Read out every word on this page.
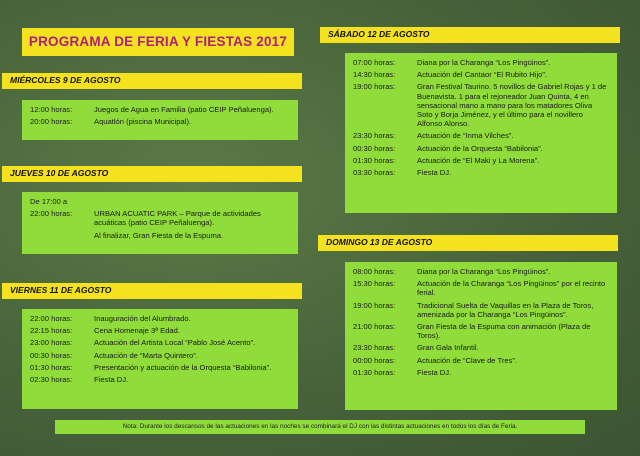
PROGRAMA DE FERIA Y FIESTAS 2017
MIÉRCOLES 9 DE AGOSTO
12:00 horas:	Juegos de Agua en Familia (patio CEIP Peñaluenga).
20:00 horas:	Aquatlón (piscina Municipal).
JUEVES 10 DE AGOSTO
De 17:00 a
22:00 horas:	URBAN ACUATIC PARK – Parque de actividades acuáticas (patio CEIP Peñaluenga).
Al finalizar, Gran Fiesta de la Espuma.
VIERNES 11 DE AGOSTO
22:00 horas:	Inauguración del Alumbrado.
22:15 horas:	Cena Homenaje 3ª Edad.
23:00 horas:	Actuación del Artista Local “Pablo José Acento”.
00:30 horas:	Actuación de “Marta Quintero”.
01:30 horas:	Presentación y actuación de la Orquesta “Babilonia”.
02:30 horas:	Fiesta DJ.
SÁBADO 12 DE AGOSTO
07:00 horas:	Diana por la Charanga “Los Pingüinos”.
14:30 horas:	Actuación del Cantaor “El Rubito Hijo”.
19:00 horas:	Gran Festival Taurino. 5 novillos de Gabriel Rojas y 1 de Buenavista. 1 para el rejoneador Juan Quinta, 4 en sensacional mano a mano para los matadores Oliva Soto y Borja Jiménez, y el último para el novillero Alfonso Alonso.
23:30 horas:	Actuación de “Inma Vilches”.
00:30 horas:	Actuación de la Orquesta “Babilonia”.
01:30 horas:	Actuación de “El Maki y La Morena”.
03:30 horas:	Fiesta DJ.
DOMINGO 13 DE AGOSTO
08:00 horas:	Diana por la Charanga “Los Pingüinos”.
15:30 horas:	Actuación de la Charanga “Los Pingüinos” por el recinto ferial.
19:00 horas:	Tradicional Suelta de Vaquillas en la Plaza de Toros, amenizada por la Charanga “Los Pingüinos”.
21:00 horas:	Gran Fiesta de la Espuma con animación (Plaza de Toros).
23:30 horas:	Gran Gala Infantil.
00:00 horas:	Actuación de “Clave de Tres”.
01:30 horas:	Fiesta DJ.
Nota: Durante los descansos de las actuaciones en las noches se combinará el DJ con las distintas actuaciones en todos los días de Feria.
